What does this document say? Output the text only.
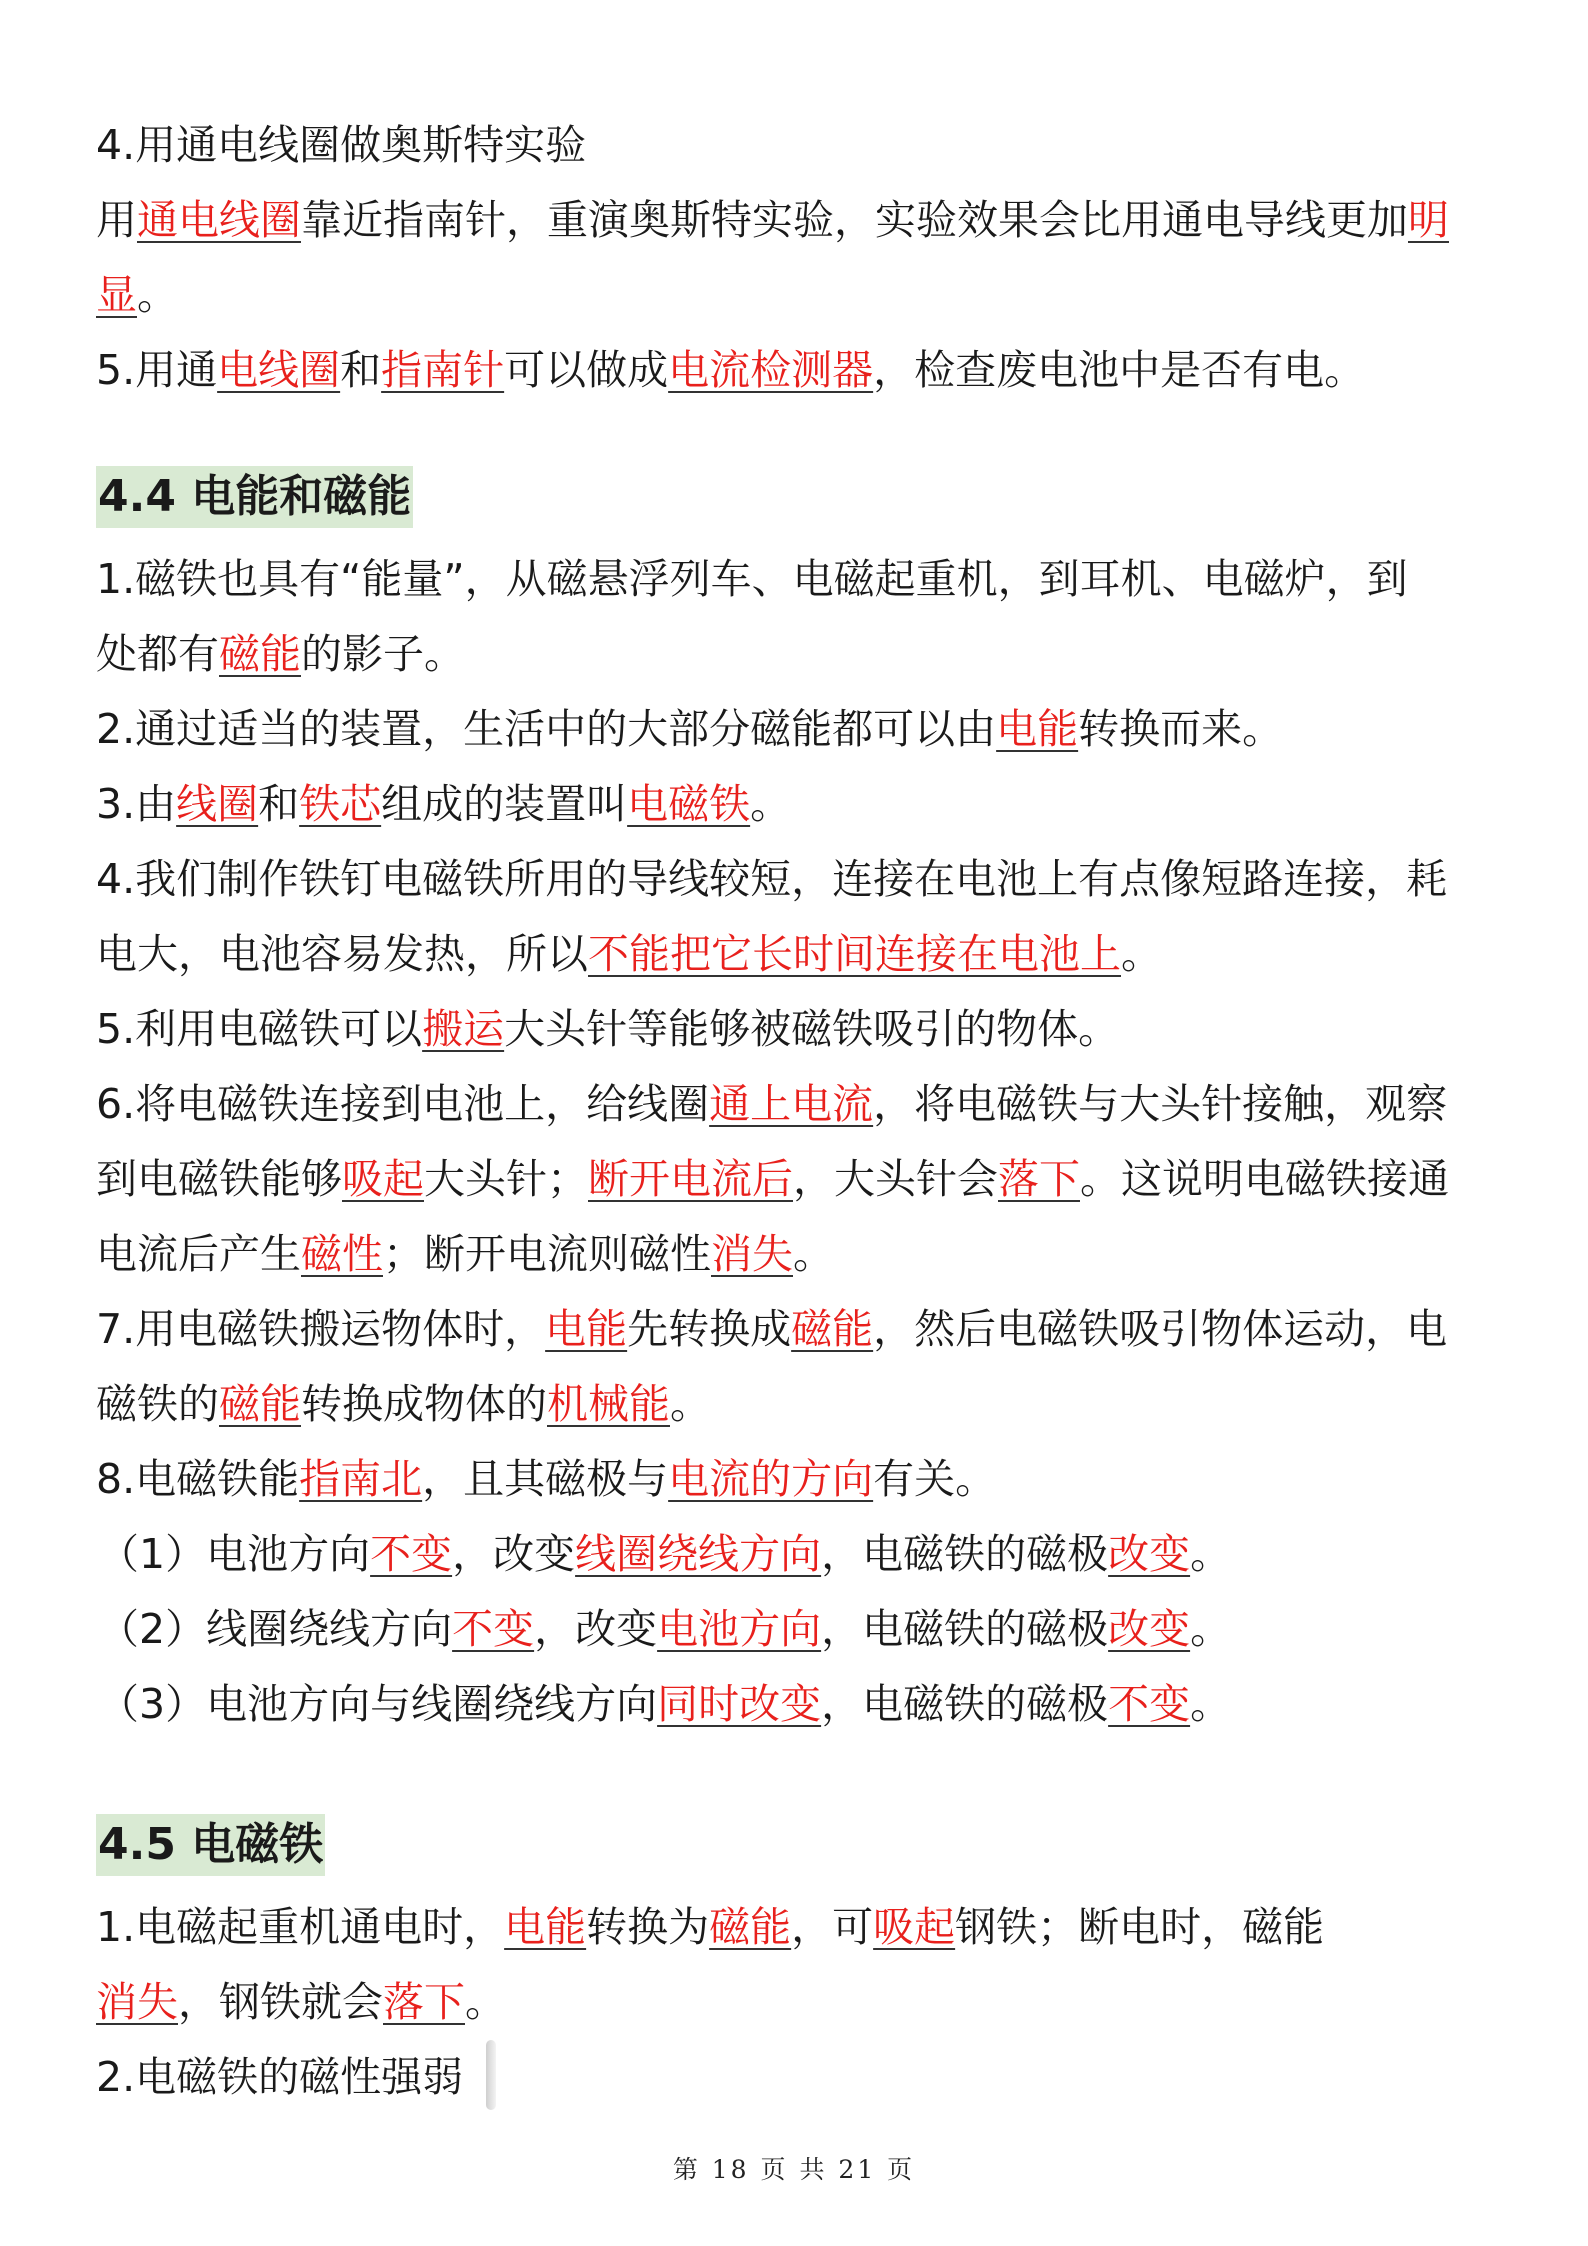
4.用通电线圈做奥斯特实验

用通电线圈靠近指南针，重演奥斯特实验，实验效果会比用通电导线更加明

显。

5.用通电线圈和指南针可以做成电流检测器，检查废电池中是否有电。

4.4 电能和磁能

1.磁铁也具有“能量”，从磁悬浮列车、电磁起重机，到耳机、电磁炉，到

处都有磁能的影子。

2.通过适当的装置，生活中的大部分磁能都可以由电能转换而来。

3.由线圈和铁芯组成的装置叫电磁铁。

4.我们制作铁钉电磁铁所用的导线较短，连接在电池上有点像短路连接，耗

电大，电池容易发热，所以不能把它长时间连接在电池上。

5.利用电磁铁可以搬运大头针等能够被磁铁吸引的物体。

6.将电磁铁连接到电池上，给线圈通上电流，将电磁铁与大头针接触，观察

到电磁铁能够吸起大头针；断开电流后，大头针会落下。这说明电磁铁接通

电流后产生磁性；断开电流则磁性消失。

7.用电磁铁搬运物体时，电能先转换成磁能，然后电磁铁吸引物体运动，电

磁铁的磁能转换成物体的机械能。

8.电磁铁能指南北，且其磁极与电流的方向有关。

（1）电池方向不变，改变线圈绕线方向，电磁铁的磁极改变。

（2）线圈绕线方向不变，改变电池方向，电磁铁的磁极改变。

（3）电池方向与线圈绕线方向同时改变，电磁铁的磁极不变。

4.5 电磁铁

1.电磁起重机通电时，电能转换为磁能，可吸起钢铁；断电时，磁能

消失，钢铁就会落下。

2.电磁铁的磁性强弱

第 18 页 共 21 页
